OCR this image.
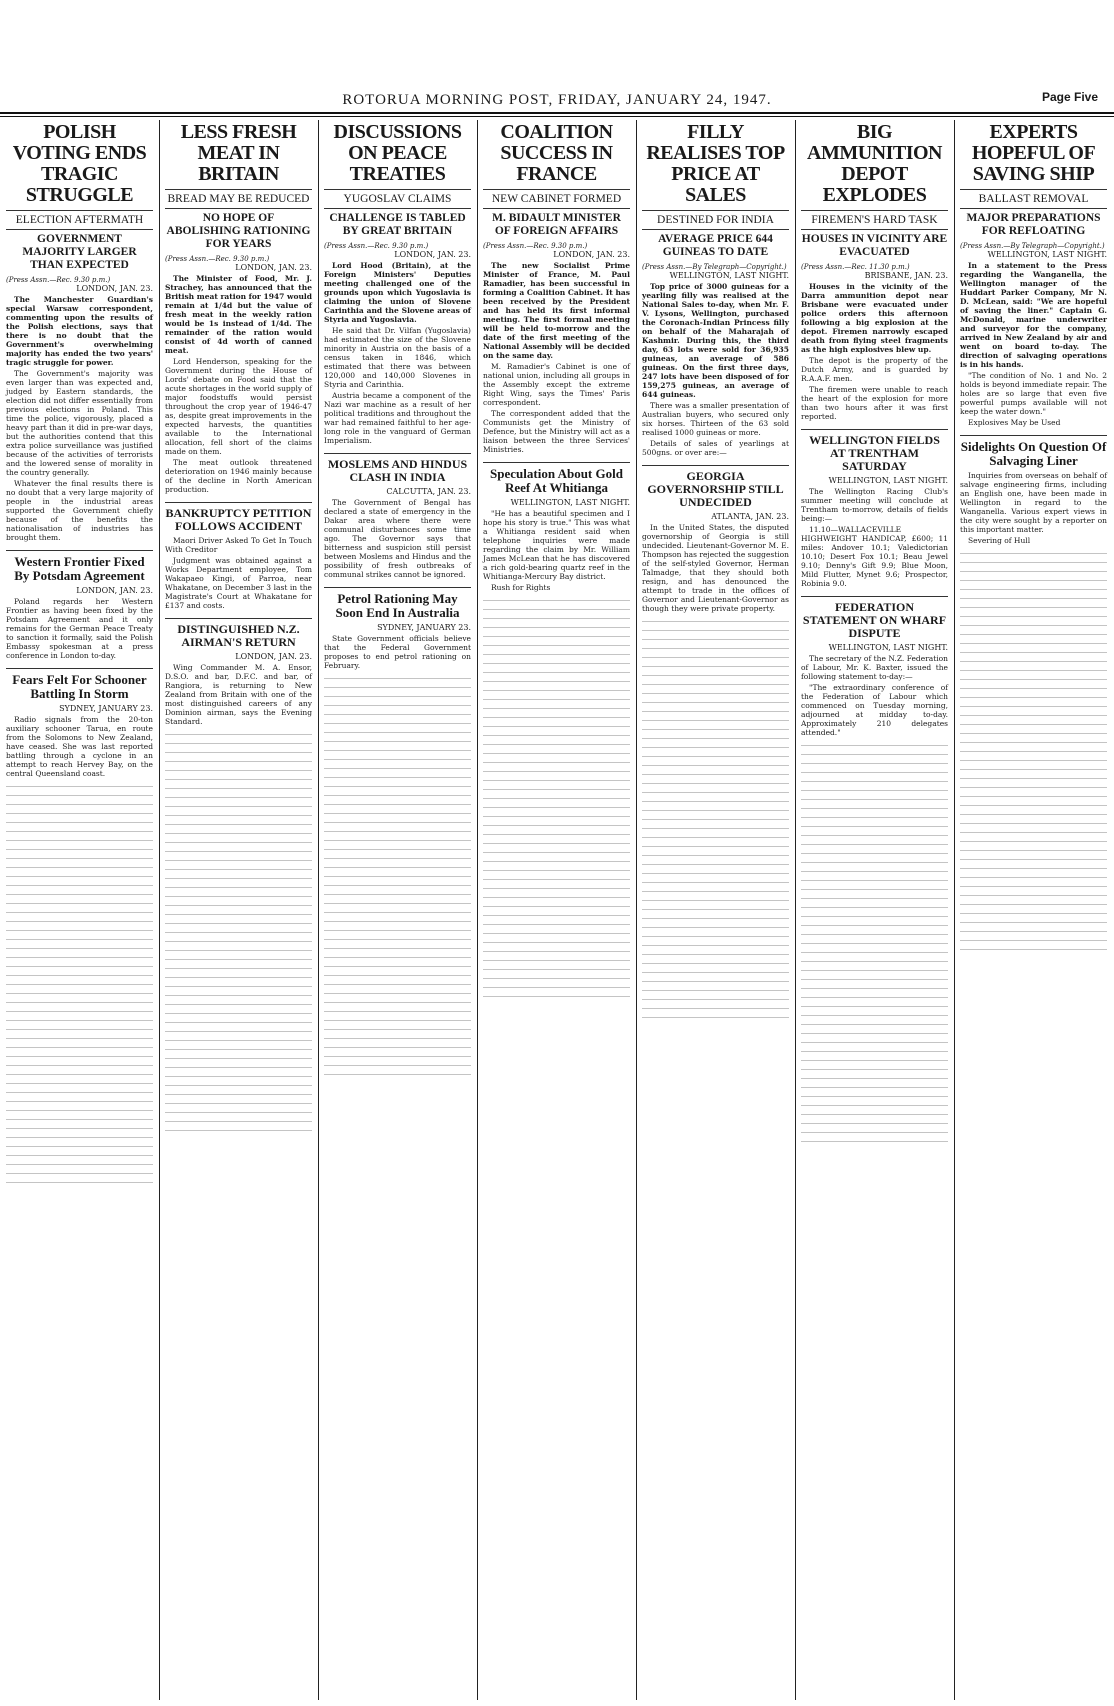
ROTORUA MORNING POST, FRIDAY, JANUARY 24, 1947.	Page Five
POLISH VOTING ENDS TRAGIC STRUGGLE
ELECTION AFTERMATH
GOVERNMENT MAJORITY LARGER THAN EXPECTED
(Press Assn.—Rec. 9.30 p.m.)
LONDON, JAN. 23.

The Manchester Guardian's special Warsaw correspondent, commenting upon the results of the Polish elections, says that there is no doubt that the Government's overwhelming majority has ended the two years' tragic struggle for power.

The Government's majority was even larger than was expected and, judged by Eastern standards, the election did not differ essentially from previous elections in Poland. This time the police, vigorously, placed a heavy part than it did in pre-war days, but the authorities contend that this extra police surveillance was justified because of the activities of terrorists and the lowered sense of morality in the country generally.

Whatever the final results there is no doubt that a very large majority of people in the industrial areas supported the Government chiefly because of the benefits the nationalisation of industries has brought them.

Western Frontier Fixed By Potsdam Agreement
LONDON, JAN. 23.

Poland regards her Western Frontier as having been fixed by the Potsdam Agreement and it only remains for the German Peace Treaty to sanction it formally, said the Polish Embassy spokesman at a press conference in London to-day.

Fears Felt For Schooner Battling In Storm
SYDNEY, JANUARY 23.

Radio signals from the 20-ton auxiliary schooner Tarua, en route from the Solomons to New Zealand, have ceased. She was last reported battling through a cyclone in an attempt to reach Hervey Bay, on the central Queensland coast.

LESS FRESH MEAT IN BRITAIN
BREAD MAY BE REDUCED
NO HOPE OF ABOLISHING RATIONING FOR YEARS
(Press Assn.—Rec. 9.30 p.m.)
LONDON, JAN. 23.

The Minister of Food, Mr. J. Strachey, has announced that the British meat ration for 1947 would remain at 1/4d but the value of fresh meat in the weekly ration would be 1s instead of 1/4d. The remainder of the ration would consist of 4d worth of canned meat.

Lord Henderson, speaking for the Government during the House of Lords' debate on Food said that the acute shortages in the world supply of major foodstuffs would persist throughout the crop year of 1946-47 as, despite great improvements in the expected harvests, the quantities available to the International allocation, fell short of the claims made on them.

The meat outlook threatened deterioration on 1946 mainly because of the decline in North American production.

BANKRUPTCY PETITION FOLLOWS ACCIDENT

Maori Driver Asked To Get In Touch With Creditor

Judgment was obtained against a Works Department employee, Tom Wakapaeo Kingi, of Parroa, near Whakatane, on December 3 last in the Magistrate's Court at Whakatane for £137 and costs.

DISTINGUISHED N.Z. AIRMAN'S RETURN
LONDON, JAN. 23.

Wing Commander M. A. Ensor, D.S.O. and bar, D.F.C. and bar, of Rangiora, is returning to New Zealand from Britain with one of the most distinguished careers of any Dominion airman, says the Evening Standard.

DISCUSSIONS ON PEACE TREATIES
YUGOSLAV CLAIMS
CHALLENGE IS TABLED BY GREAT BRITAIN
(Press Assn.—Rec. 9.30 p.m.)
LONDON, JAN. 23.

Lord Hood (Britain), at the Foreign Ministers' Deputies meeting challenged one of the grounds upon which Yugoslavia is claiming the union of Slovene Carinthia and the Slovene areas of Styria and Yugoslavia.

He said that Dr. Vilfan (Yugoslavia) had estimated the size of the Slovene minority in Austria on the basis of a census taken in 1846, which estimated that there was between 120,000 and 140,000 Slovenes in Styria and Carinthia.

Austria became a component of the Nazi war machine as a result of her political traditions and throughout the war had remained faithful to her age-long role in the vanguard of German Imperialism.

MOSLEMS AND HINDUS CLASH IN INDIA
CALCUTTA, JAN. 23.

The Government of Bengal has declared a state of emergency in the Dakar area where there were communal disturbances some time ago. The Governor says that bitterness and suspicion still persist between Moslems and Hindus and the possibility of fresh outbreaks of communal strikes cannot be ignored.

Petrol Rationing May Soon End In Australia
SYDNEY, JANUARY 23.

State Government officials believe that the Federal Government proposes to end petrol rationing on February.

COALITION SUCCESS IN FRANCE
NEW CABINET FORMED
M. BIDAULT MINISTER OF FOREIGN AFFAIRS
(Press Assn.—Rec. 9.30 p.m.)
LONDON, JAN. 23.

The new Socialist Prime Minister of France, M. Paul Ramadier, has been successful in forming a Coalition Cabinet. It has been received by the President and has held its first informal meeting. The first formal meeting will be held to-morrow and the date of the first meeting of the National Assembly will be decided on the same day.

M. Ramadier's Cabinet is one of national union, including all groups in the Assembly except the extreme Right Wing, says the Times' Paris correspondent.

The correspondent added that the Communists get the Ministry of Defence, but the Ministry will act as a liaison between the three Services' Ministries.

Speculation About Gold Reef At Whitianga
WELLINGTON, LAST NIGHT.

"He has a beautiful specimen and I hope his story is true." This was what a Whitianga resident said when telephone inquiries were made regarding the claim by Mr. William James McLean that he has discovered a rich gold-bearing quartz reef in the Whitianga-Mercury Bay district.

Rush for Rights

FILLY REALISES TOP PRICE AT SALES
DESTINED FOR INDIA
AVERAGE PRICE 644 GUINEAS TO DATE
(Press Assn.—By Telegraph—Copyright.)
WELLINGTON, LAST NIGHT.

Top price of 3000 guineas for a yearling filly was realised at the National Sales to-day, when Mr. F. V. Lysons, Wellington, purchased the Coronach-Indian Princess filly on behalf of the Maharajah of Kashmir. During this, the third day, 63 lots were sold for 36,935 guineas, an average of 586 guineas. On the first three days, 247 lots have been disposed of for 159,275 guineas, an average of 644 guineas.

There was a smaller presentation of Australian buyers, who secured only six horses. Thirteen of the 63 sold realised 1000 guineas or more.

Details of sales of yearlings at 500gns. or over are:—

GEORGIA GOVERNORSHIP STILL UNDECIDED
ATLANTA, JAN. 23.

In the United States, the disputed governorship of Georgia is still undecided. Lieutenant-Governor M. E. Thompson has rejected the suggestion of the self-styled Governor, Herman Talmadge, that they should both resign, and has denounced the attempt to trade in the offices of Governor and Lieutenant-Governor as though they were private property.

BIG AMMUNITION DEPOT EXPLODES
FIREMEN'S HARD TASK
HOUSES IN VICINITY ARE EVACUATED
(Press Assn.—Rec. 11.30 p.m.)
BRISBANE, JAN. 23.

Houses in the vicinity of the Darra ammunition depot near Brisbane were evacuated under police orders this afternoon following a big explosion at the depot. Firemen narrowly escaped death from flying steel fragments as the high explosives blew up.

The depot is the property of the Dutch Army, and is guarded by R.A.A.F. men.

The firemen were unable to reach the heart of the explosion for more than two hours after it was first reported.

WELLINGTON FIELDS AT TRENTHAM SATURDAY
WELLINGTON, LAST NIGHT.

The Wellington Racing Club's summer meeting will conclude at Trentham to-morrow, details of fields being:—

11.10—WALLACEVILLE HIGHWEIGHT HANDICAP, £600; 11 miles: Andover 10.1; Valedictorian 10.10; Desert Fox 10.1; Beau Jewel 9.10; Denny's Gift 9.9; Blue Moon, Mild Flutter, Mynet 9.6; Prospector, Robinia 9.0.

FEDERATION STATEMENT ON WHARF DISPUTE
WELLINGTON, LAST NIGHT.

The secretary of the N.Z. Federation of Labour, Mr. K. Baxter, issued the following statement to-day:—

"The extraordinary conference of the Federation of Labour which commenced on Tuesday morning, adjourned at midday to-day. Approximately 210 delegates attended."

EXPERTS HOPEFUL OF SAVING SHIP
BALLAST REMOVAL
MAJOR PREPARATIONS FOR REFLOATING
(Press Assn.—By Telegraph—Copyright.)
WELLINGTON, LAST NIGHT.

In a statement to the Press regarding the Wanganella, the Wellington manager of the Huddart Parker Company, Mr N. D. McLean, said: "We are hopeful of saving the liner." Captain G. McDonald, marine underwriter and surveyor for the company, arrived in New Zealand by air and went on board to-day. The direction of salvaging operations is in his hands.

"The condition of No. 1 and No. 2 holds is beyond immediate repair. The holes are so large that even five powerful pumps available will not keep the water down."

Explosives May be Used

Sidelights On Question Of Salvaging Liner

Inquiries from overseas on behalf of salvage engineering firms, including an English one, have been made in Wellington in regard to the Wanganella. Various expert views in the city were sought by a reporter on this important matter.

Severing of Hull
